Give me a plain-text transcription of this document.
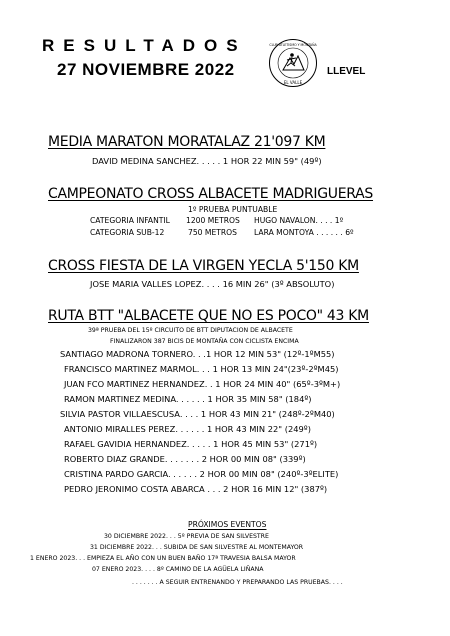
RESULTADOS
27 NOVIEMBRE 2022
CLUB ATLETISMO Y MONTAÑA
EL VALLE
LLEVEL
MEDIA MARATON MORATALAZ 21'097 KM
DAVID MEDINA SANCHEZ. . . . . 1 HOR 22 MIN 59" (49º)
CAMPEONATO CROSS ALBACETE MADRIGUERAS
1º PRUEBA PUNTUABLE
CATEGORIA INFANTIL 1200 METROS HUGO NAVALON. . . . 1º
CATEGORIA SUB-12	750 METROS LARA MONTOYA . . . . . . 6º
CROSS FIESTA DE LA VIRGEN YECLA 5'150 KM
JOSE MARIA VALLES LOPEZ. . . . 16 MIN 26" (3º ABSOLUTO)
RUTA BTT "ALBACETE QUE NO ES POCO" 43 KM
39ª PRUEBA DEL 15º CIRCUITO DE BTT DIPUTACION DE ALBACETE
FINALIZARON 387 BICIS DE MONTAÑA CON CICLISTA ENCIMA
SANTIAGO MADRONA TORNERO. . .1 HOR 12 MIN 53" (12º-1ºM55)
FRANCISCO MARTINEZ MARMOL. . . 1 HOR 13 MIN 24"(23º-2ºM45)
JUAN FCO MARTINEZ HERNANDEZ. . 1 HOR 24 MIN 40" (65º-3ºM+)
RAMON MARTINEZ MEDINA. . . . . . 1 HOR 35 MIN 58" (184º)
SILVIA PASTOR VILLAESCUSA. . . . 1 HOR 43 MIN 21" (248º-2ºM40)
ANTONIO MIRALLES PEREZ. . . . . . 1 HOR 43 MIN 22" (249º)
RAFAEL GAVIDIA HERNANDEZ. . . . . 1 HOR 45 MIN 53" (271º)
ROBERTO DIAZ GRANDE. . . . . . . 2 HOR 00 MIN 08" (339º)
CRISTINA PARDO GARCIA. . . . . . 2 HOR 00 MIN 08" (240º-3ºELITE)
PEDRO JERONIMO COSTA ABARCA . . . 2 HOR 16 MIN 12" (387º)
PRÓXIMOS EVENTOS
30 DICIEMBRE 2022. . . 5º PREVIA DE SAN SILVESTRE
31 DICIEMBRE 2022. . . SUBIDA DE SAN SILVESTRE AL MONTEMAYOR
1 ENERO 2023. . . EMPIEZA EL AÑO CON UN BUEN BAÑO 17ª TRAVESIA BALSA MAYOR
07 ENERO 2023. . . . 8º CAMINO DE LA AGÜELA LIÑANA
. . . . . . . A SEGUIR ENTRENANDO Y PREPARANDO LAS PRUEBAS. . . .
